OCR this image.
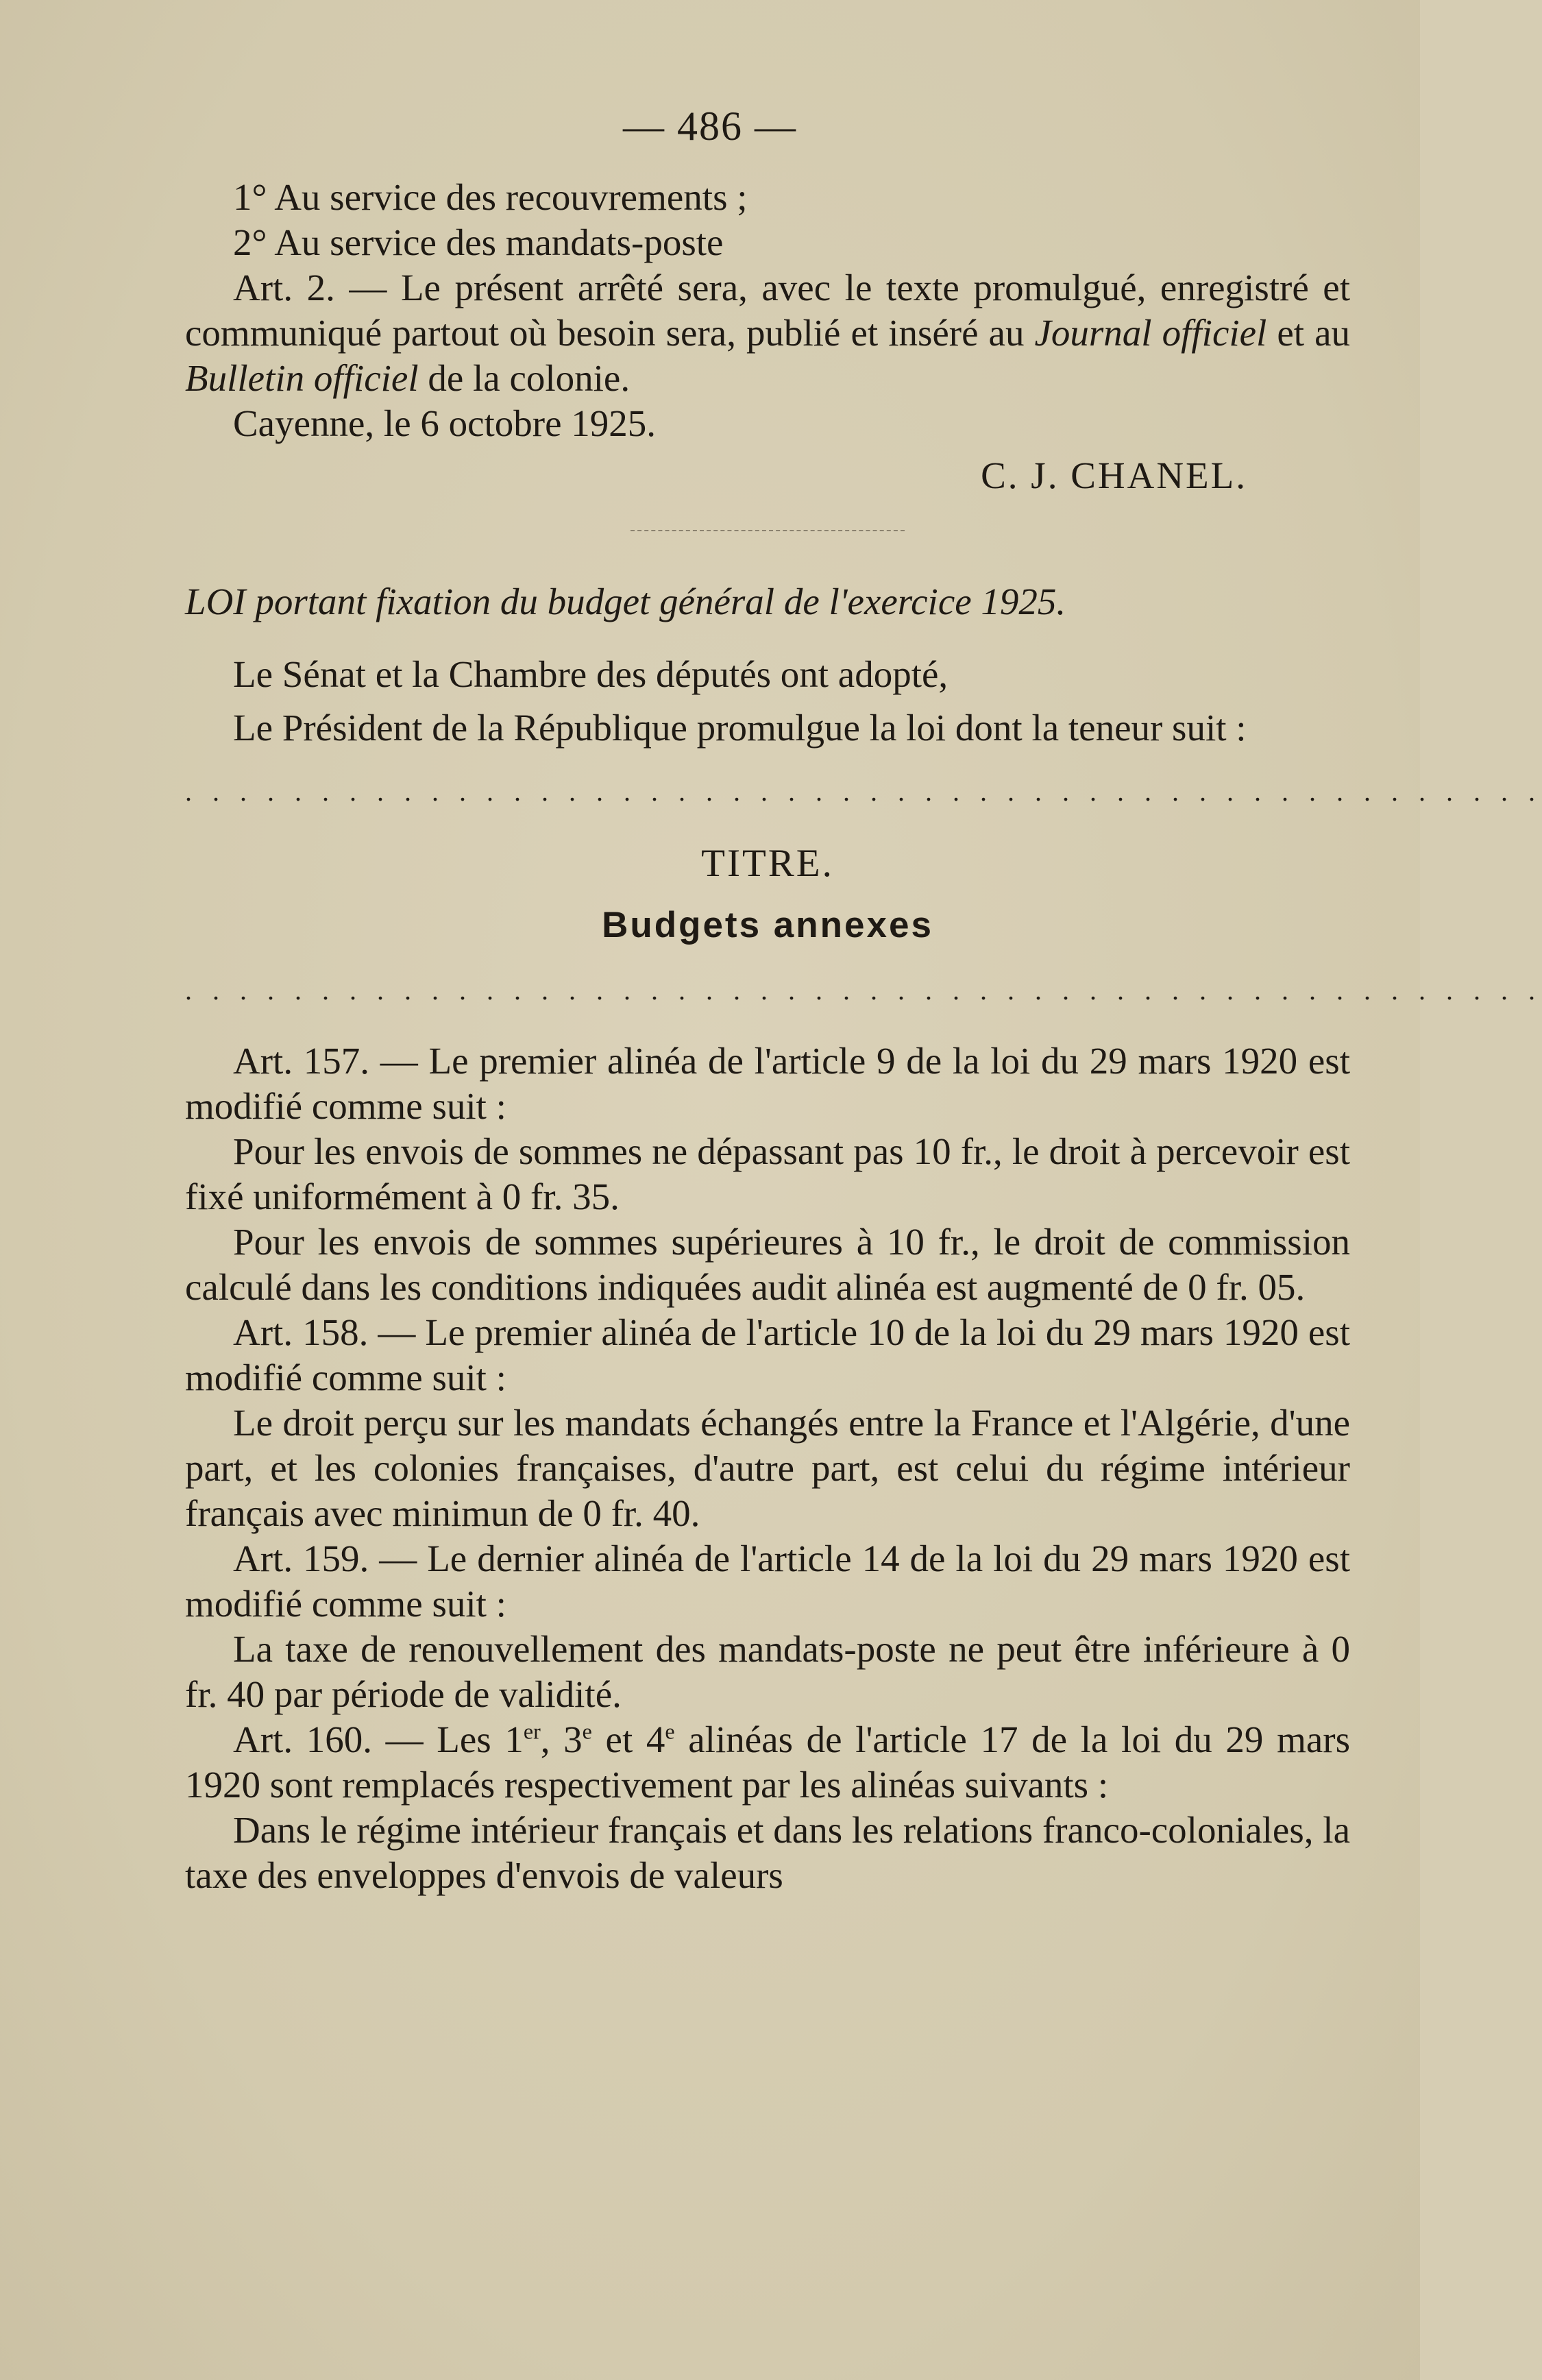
— 486 —
1° Au service des recouvrements ;
2° Au service des mandats-poste
Art. 2. — Le présent arrêté sera, avec le texte promulgué, enregistré et communiqué partout où besoin sera, publié et inséré au Journal officiel et au Bulletin officiel de la colonie.
Cayenne, le 6 octobre 1925.
C. J. CHANEL.
LOI portant fixation du budget général de l'exercice 1925.
Le Sénat et la Chambre des députés ont adopté,
Le Président de la République promulgue la loi dont la teneur suit :
. . . . . . . . . . . . . . . . . . . . . . . . . . . . . . . . . . . . . . . . . . . . . . . . . .
TITRE.
Budgets annexes
. . . . . . . . . . . . . . . . . . . . . . . . . . . . . . . . . . . . . . . . . . . . . . . . . .
Art. 157. — Le premier alinéa de l'article 9 de la loi du 29 mars 1920 est modifié comme suit :
Pour les envois de sommes ne dépassant pas 10 fr., le droit à percevoir est fixé uniformément à 0 fr. 35.
Pour les envois de sommes supérieures à 10 fr., le droit de commission calculé dans les conditions indiquées audit alinéa est augmenté de 0 fr. 05.
Art. 158. — Le premier alinéa de l'article 10 de la loi du 29 mars 1920 est modifié comme suit :
Le droit perçu sur les mandats échangés entre la France et l'Algérie, d'une part, et les colonies françaises, d'autre part, est celui du régime intérieur français avec minimun de 0 fr. 40.
Art. 159. — Le dernier alinéa de l'article 14 de la loi du 29 mars 1920 est modifié comme suit :
La taxe de renouvellement des mandats-poste ne peut être inférieure à 0 fr. 40 par période de validité.
Art. 160. — Les 1er, 3e et 4e alinéas de l'article 17 de la loi du 29 mars 1920 sont remplacés respectivement par les alinéas suivants :
Dans le régime intérieur français et dans les relations franco-coloniales, la taxe des enveloppes d'envois de valeurs
